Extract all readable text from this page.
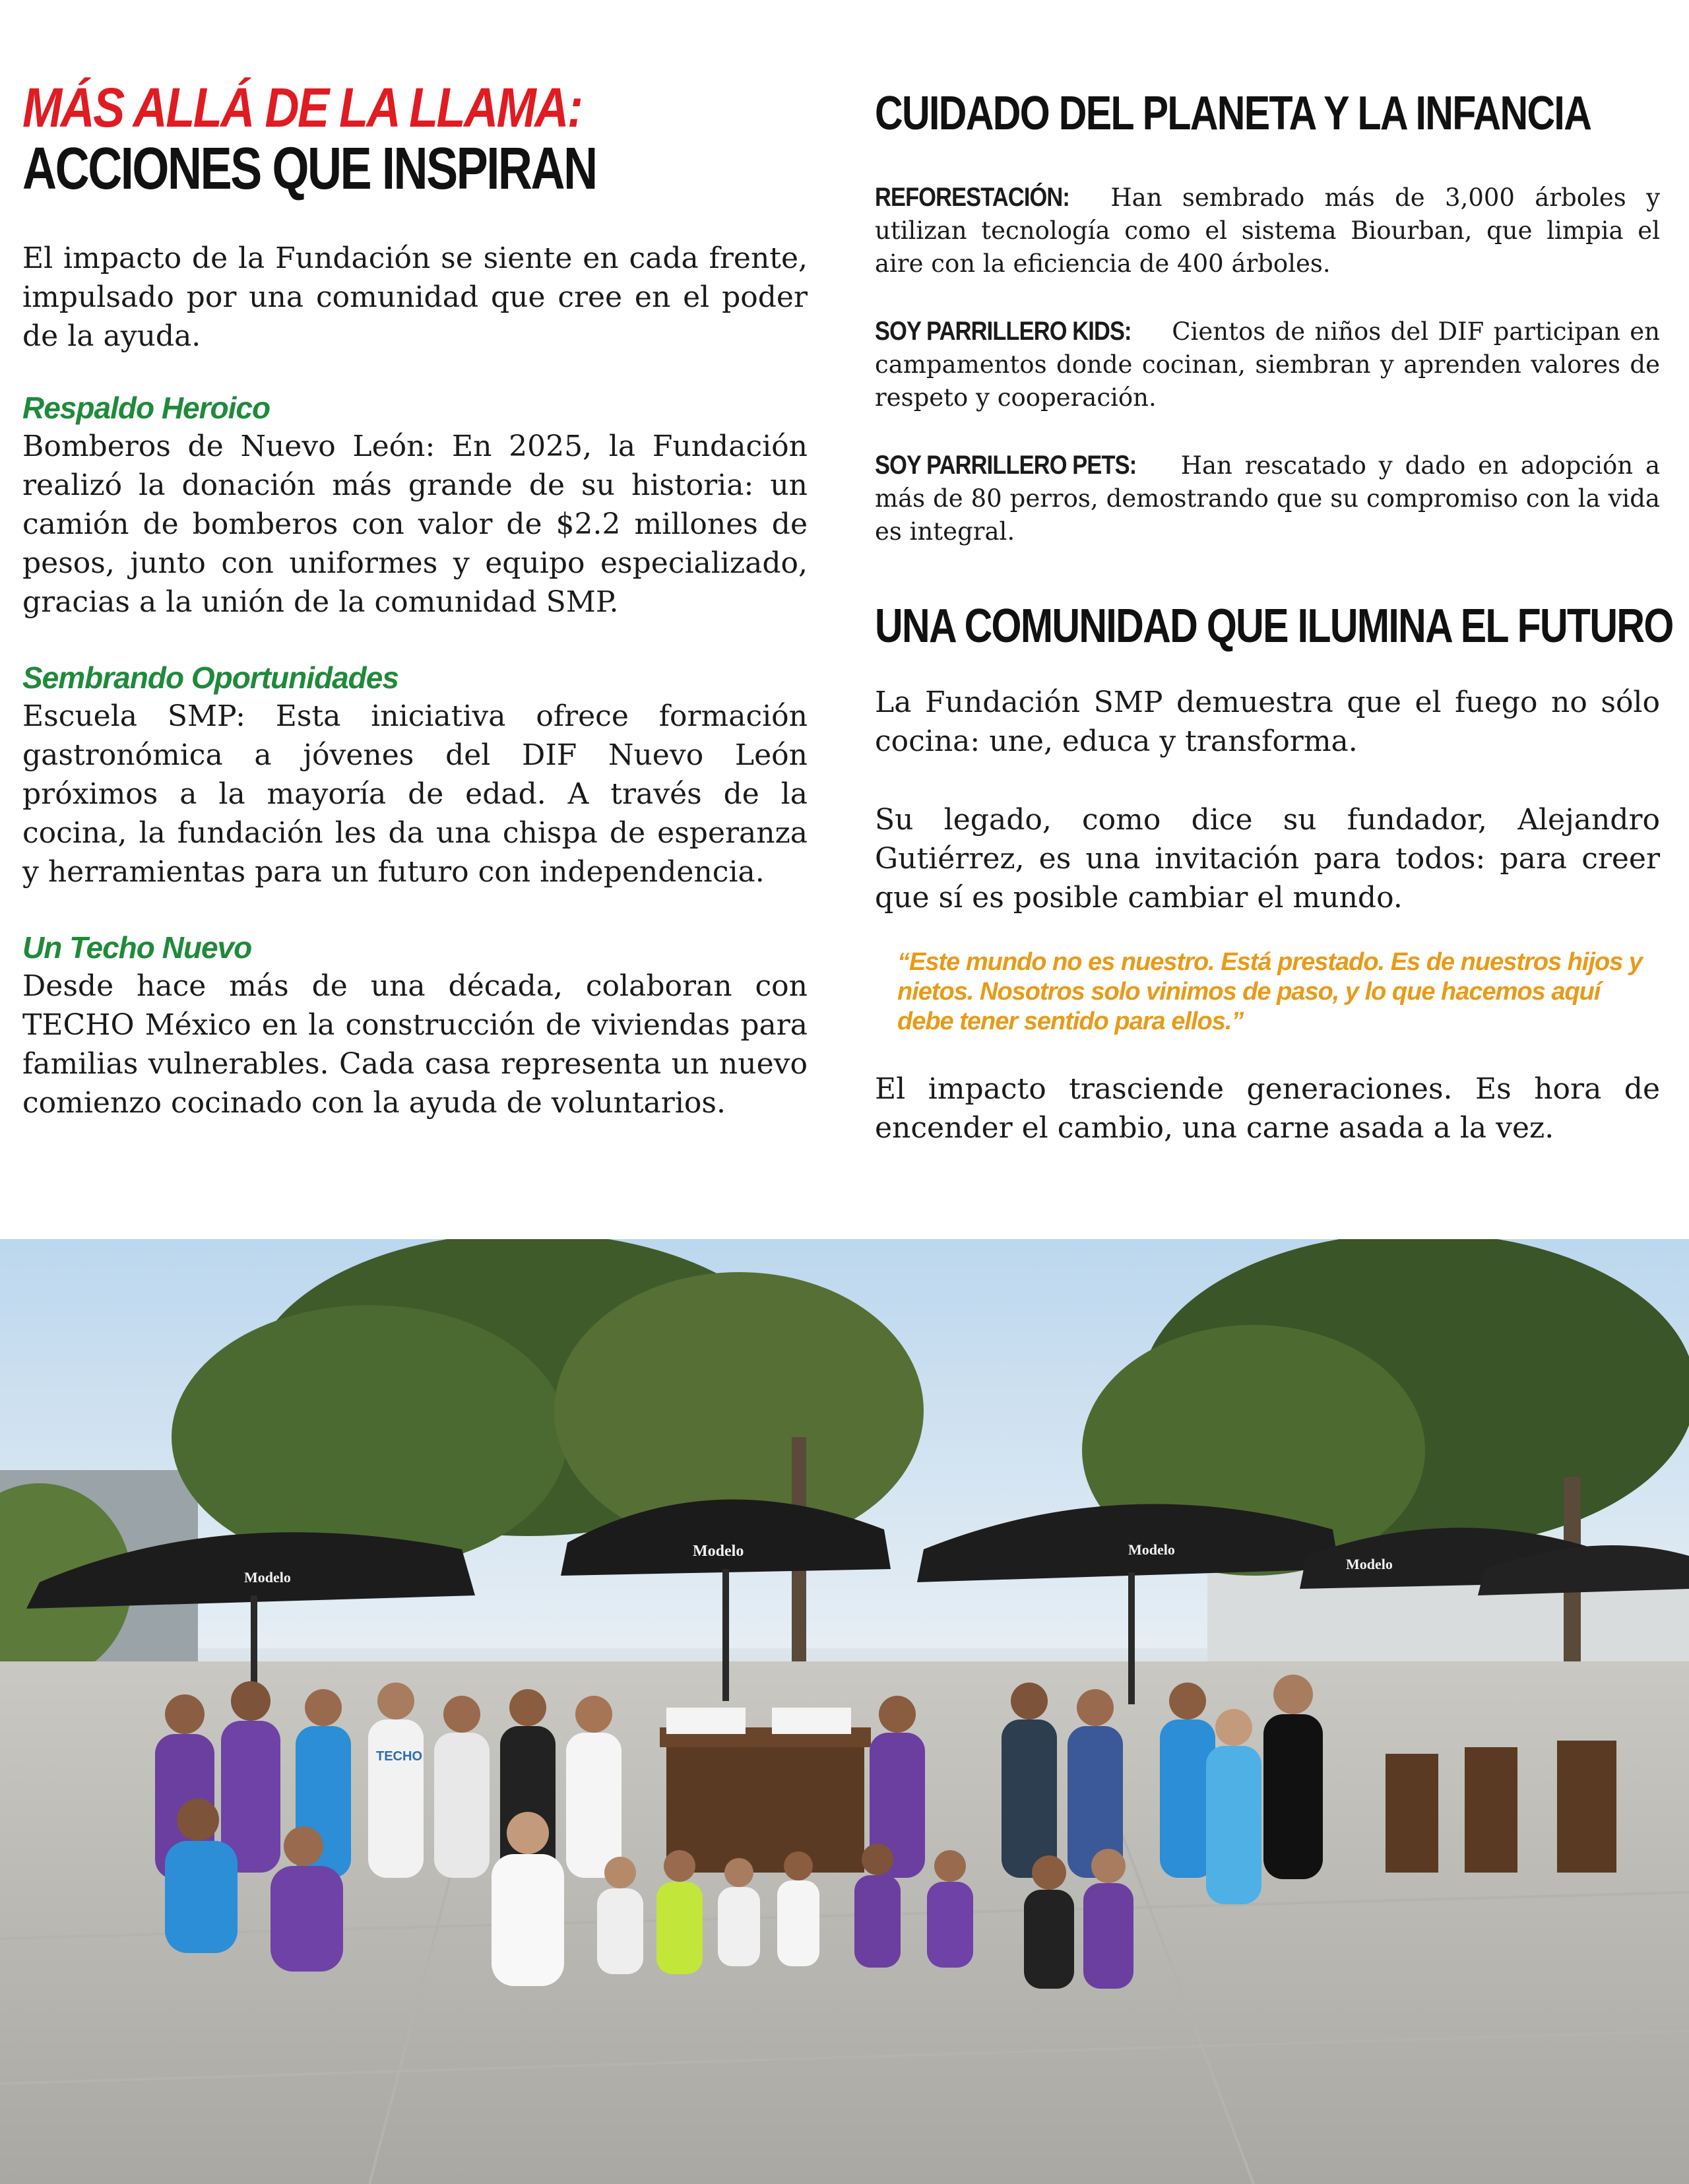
MÁS ALLÁ DE LA LLAMA:
ACCIONES QUE INSPIRAN

El impacto de la Fundación se siente en cada frente, impulsado por una comunidad que cree en el poder de la ayuda.

Respaldo Heroico

Bomberos de Nuevo León: En 2025, la Fundación realizó la donación más grande de su historia: un camión de bomberos con valor de $2.2 millones de pesos, junto con uniformes y equipo especializado, gracias a la unión de la comunidad SMP.

Sembrando Oportunidades

Escuela SMP: Esta iniciativa ofrece formación gastronómica a jóvenes del DIF Nuevo León próximos a la mayoría de edad. A través de la cocina, la fundación les da una chispa de esperanza y herramientas para un futuro con independencia.

Un Techo Nuevo

Desde hace más de una década, colaboran con TECHO México en la construcción de viviendas para familias vulnerables. Cada casa representa un nuevo comienzo cocinado con la ayuda de voluntarios.

CUIDADO DEL PLANETA Y LA INFANCIA

REFORESTACIÓN: Han sembrado más de 3,000 árboles y utilizan tecnología como el sistema Biourban, que limpia el aire con la eficiencia de 400 árboles.

SOY PARRILLERO KIDS: Cientos de niños del DIF participan en campamentos donde cocinan, siembran y aprenden valores de respeto y cooperación.

SOY PARRILLERO PETS: Han rescatado y dado en adopción a más de 80 perros, demostrando que su compromiso con la vida es integral.

UNA COMUNIDAD QUE ILUMINA EL FUTURO

La Fundación SMP demuestra que el fuego no sólo cocina: une, educa y transforma.

Su legado, como dice su fundador, Alejandro Gutiérrez, es una invitación para todos: para creer que sí es posible cambiar el mundo.

“Este mundo no es nuestro. Está prestado. Es de nuestros hijos y nietos. Nosotros solo vinimos de paso, y lo que hacemos aquí debe tener sentido para ellos.”

El impacto trasciende generaciones. Es hora de encender el cambio, una carne asada a la vez.

Modelo
Modelo	Modelo
Modelo
TECHO
